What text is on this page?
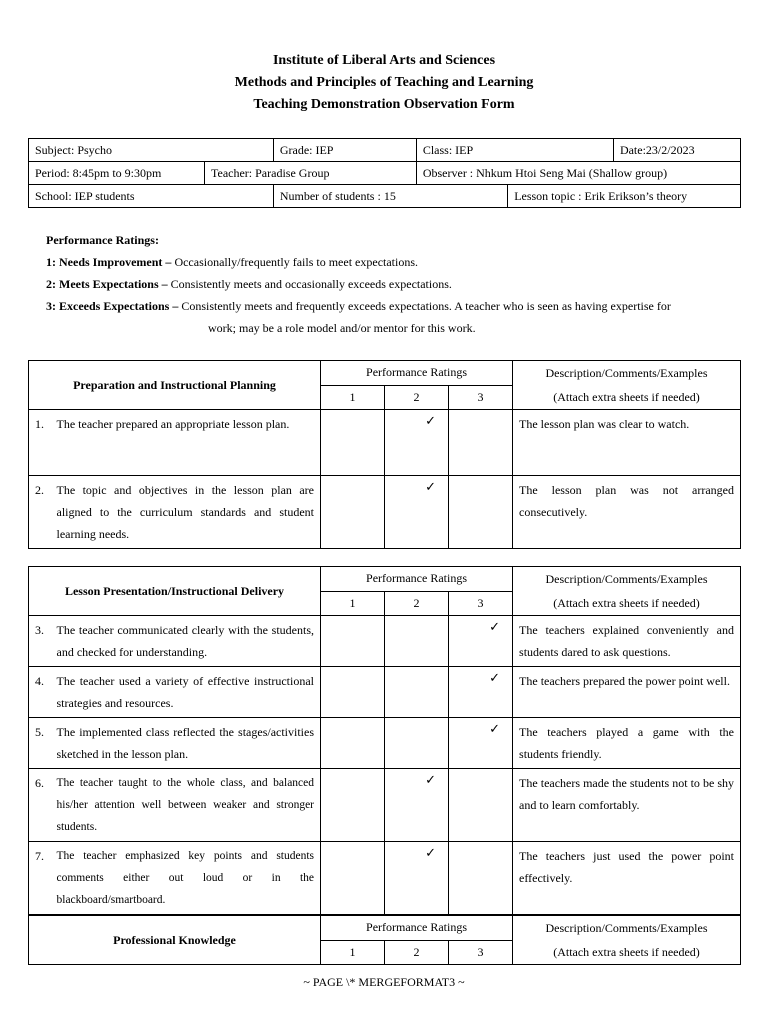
Institute of Liberal Arts and Sciences
Methods and Principles of Teaching and Learning
Teaching Demonstration Observation Form
Subject: Psycho		Grade: IEP	Class: IEP		Date:23/2/2023
Period: 8:45pm to 9:30pm	Teacher: Paradise Group		Observer : Nhkum Htoi Seng Mai (Shallow group)		
School: IEP students		Number of students : 15		Lesson topic : Erik Erikson’s theory	
Performance Ratings:
1: Needs Improvement – Occasionally/frequently fails to meet expectations.
2: Meets Expectations – Consistently meets and occasionally exceeds expectations.
3: Exceeds Expectations – Consistently meets and frequently exceeds expectations. A teacher who is seen as having expertise for
work; may be a role model and/or mentor for this work.
Preparation and Instructional Planning		Performance Ratings			Description/Comments/Examples
(Attach extra sheets if needed)

		1	2	3	
1.	The teacher prepared an appropriate lesson plan.		✓		The lesson plan was clear to watch.
2.	The topic and objectives in the lesson plan are aligned to the curriculum standards and student learning needs.		✓		The lesson plan was not arranged consecutively.
Lesson Presentation/Instructional Delivery		Performance Ratings			Description/Comments/Examples
(Attach extra sheets if needed)

		1	2	3	
3.	The teacher communicated clearly with the students, and checked for understanding.			✓	The teachers explained conveniently and students dared to ask questions.
4.	The teacher used a variety of effective instructional strategies and resources.			✓	The teachers prepared the power point well.
5.	The implemented class reflected the stages/activities sketched in the lesson plan.			✓	The teachers played a game with the students friendly.
6.	The teacher taught to the whole class, and balanced his/her attention well between weaker and stronger students.		✓		The teachers made the students not to be shy and to learn comfortably.
7.	The teacher emphasized key points and students comments either out loud or in the blackboard/smartboard.		✓		The teachers just used the power point effectively.
Professional Knowledge	Performance Ratings			Description/Comments/Examples
(Attach extra sheets if needed)

	1	2	3	
~ PAGE \* MERGEFORMAT3 ~
